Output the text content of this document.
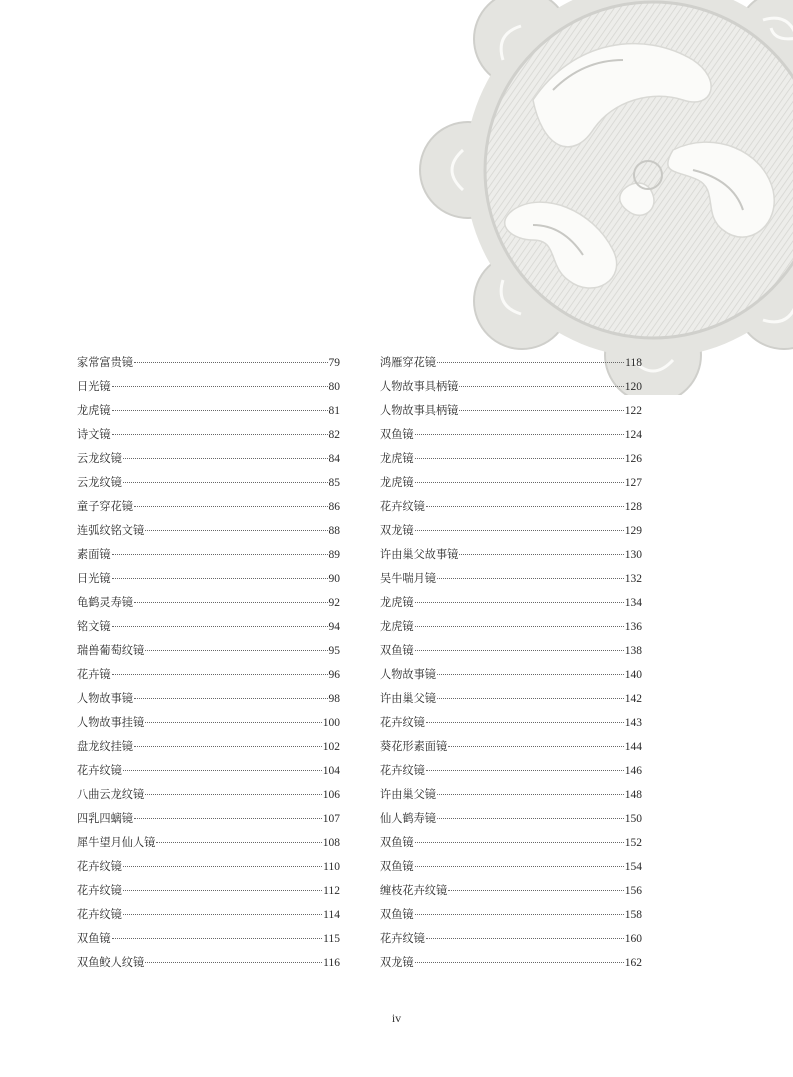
家常富贵镜	79
日光镜	80
龙虎镜	81
诗文镜	82
云龙纹镜	84
云龙纹镜	85
童子穿花镜	86
连弧纹铭文镜	88
素面镜	89
日光镜	90
龟鹤灵寿镜	92
铭文镜	94
瑞兽葡萄纹镜	95
花卉镜	96
人物故事镜	98
人物故事挂镜	100
盘龙纹挂镜	102
花卉纹镜	104
八曲云龙纹镜	106
四乳四螭镜	107
犀牛望月仙人镜	108
花卉纹镜	110
花卉纹镜	112
花卉纹镜	114
双鱼镜	115
双鱼鲛人纹镜	116
鸿雁穿花镜	118
人物故事具柄镜	120
人物故事具柄镜	122
双鱼镜	124
龙虎镜	126
龙虎镜	127
花卉纹镜	128
双龙镜	129
许由巢父故事镜	130
吴牛喘月镜	132
龙虎镜	134
龙虎镜	136
双鱼镜	138
人物故事镜	140
许由巢父镜	142
花卉纹镜	143
葵花形素面镜	144
花卉纹镜	146
许由巢父镜	148
仙人鹤寿镜	150
双鱼镜	152
双鱼镜	154
缠枝花卉纹镜	156
双鱼镜	158
花卉纹镜	160
双龙镜	162
iv
